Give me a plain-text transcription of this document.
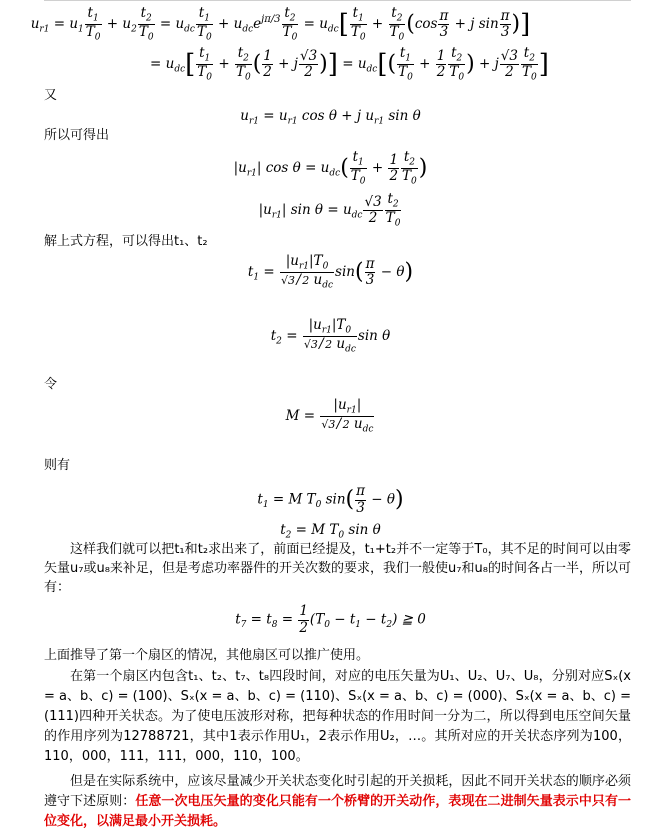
$u_{r1} = u_1 \frac{t_1}{T_0} + u_2 \frac{t_2}{T_0} = u_{dc} \frac{t_1}{T_0} + u_{dc}e^{j\pi/3} \frac{t_2}{T_0} = u_{dc}[ \frac{t_1}{T_0} + \frac{t_2}{T_0} (\cos \frac{\pi}{3} + j$ $\sin \frac{\pi}{3}$ )]
= $u_{dc}[ \frac{t_1}{T_0} + \frac{t_2}{T_0}$ ( $\frac{1}{2} + j \frac{√3}{2}$ )] = $u_{dc}[( \frac{t_1}{T_0} + \frac{1}{2} \frac{t_2}{T_0}$ ) + j $\frac{√3}{2} \frac{t_2}{T_0}$ ]
又
$u_{r1} = u_{r1}$ cos θ + j $u_{r1}$ sin θ
所以可得出
$|u_{r1}|$ $\cos \theta = u_{dc}( \frac{t_1}{T_0} + \frac{1}{2} \frac{t_2}{T_0}$ )
$|u_{r1}|$ $\sin \theta = u_{dc} \frac{√3}{2} \frac{t_2}{T_0}$
解上式方程，可以得出t₁、t₂
$t_1$ =
$|u_{r1}|T_0$
√3 / 2 $u_{dc}$
$\sin( \frac{\pi}{3} - \theta)$
$t_2$ =
$|u_{r1}|T_0$
√3 / 2 $u_{dc}$
sin θ
令
M =
$|u_{r1}|$
√3 / 2 $u_{dc}$
则有
$t_1 = M$ $T_0$ $\sin( \frac{\pi}{3} - \theta)$
$t_2 = M$ $T_0$ sin θ
这样我们就可以把t₁和t₂求出来了，前面已经提及，t₁+t₂并不一定等于T₀，其不足的时间可以由零矢量u₇或u₈来补足，但是考虑功率器件的开关次数的要求，我们一般使u₇和u₈的时间各占一半，所以可有：
$t_7 = t_8 = \frac{1}{2} (T_0 - t_1 - t_2)$ ≧ 0
上面推导了第一个扇区的情况，其他扇区可以推广使用。
在第一个扇区内包含t₁、t₂、t₇、t₈四段时间，对应的电压矢量为U₁、U₂、U₇、U₈，分别对应Sₓ(x = a、b、c) = (100)、Sₓ(x = a、b、c) = (110)、Sₓ(x = a、b、c) = (000)、Sₓ(x = a、b、c) = (111)四种开关状态。为了使电压波形对称，把每种状态的作用时间一分为二，所以得到电压空间矢量的作用序列为12788721，其中1表示作用U₁，2表示作用U₂，…。其所对应的开关状态序列为100，110，000，111，111，000，110，100。
但是在实际系统中，应该尽量减少开关状态变化时引起的开关损耗，因此不同开关状态的顺序必须遵守下述原则：任意一次电压矢量的变化只能有一个桥臂的开关动作，表现在二进制矢量表示中只有一位变化，以满足最小开关损耗。
